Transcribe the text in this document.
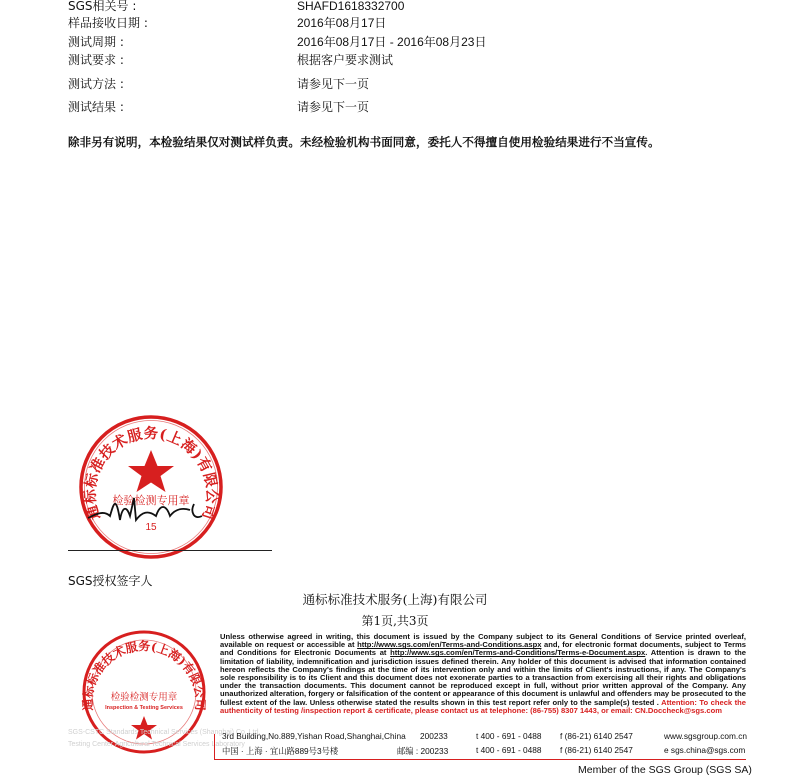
SGS相关号 :	SHAFD1618332700
样品接收日期 :	2016年08月17日
测试周期 :	2016年08月17日 - 2016年08月23日
测试要求 :	根据客户要求测试
测试方法 :	请参见下一页
测试结果 :	请参见下一页
除非另有说明，本检验结果仅对测试样负责。未经检验机构书面同意，委托人不得擅自使用检验结果进行不当宣传。
通标标准技术服务(上海)有限公司
检验检测专用章
15
SGS授权签字人
通标标准技术服务(上海)有限公司
第1页,共3页
通标标准技术服务(上海)有限公司
检验检测专用章
Inspection & Testing Services
SGS-CSTC Standards Technical Services (Shanghai) Co.,Ltd.
Testing Center Agricultural Technical Services Laboratory
Unless otherwise agreed in writing, this document is issued by the Company subject to its General Conditions of Service printed overleaf, available on request or accessible at http://www.sgs.com/en/Terms-and-Conditions.aspx and, for electronic format documents, subject to Terms and Conditions for Electronic Documents at http://www.sgs.com/en/Terms-and-Conditions/Terms-e-Document.aspx. Attention is drawn to the limitation of liability, indemnification and jurisdiction issues defined therein. Any holder of this document is advised that information contained hereon reflects the Company's findings at the time of its intervention only and within the limits of Client's instructions, if any. The Company's sole responsibility is to its Client and this document does not exonerate parties to a transaction from exercising all their rights and obligations under the transaction documents. This document cannot be reproduced except in full, without prior written approval of the Company. Any unauthorized alteration, forgery or falsification of the content or appearance of this document is unlawful and offenders may be prosecuted to the fullest extent of the law. Unless otherwise stated the results shown in this test report refer only to the sample(s) tested . Attention: To check the authenticity of testing /inspection report & certificate, please contact us at telephone: (86-755) 8307 1443, or email: CN.Doccheck@sgs.com
3rd Building,No.889,Yishan Road,Shanghai,China 200233	t 400 - 691 - 0488 f (86-21) 6140 2547	www.sgsgroup.com.cn
中国 · 上海 · 宜山路889号3号楼	邮编 : 200233	t 400 - 691 - 0488 f (86-21) 6140 2547	e sgs.china@sgs.com
Member of the SGS Group (SGS SA)
